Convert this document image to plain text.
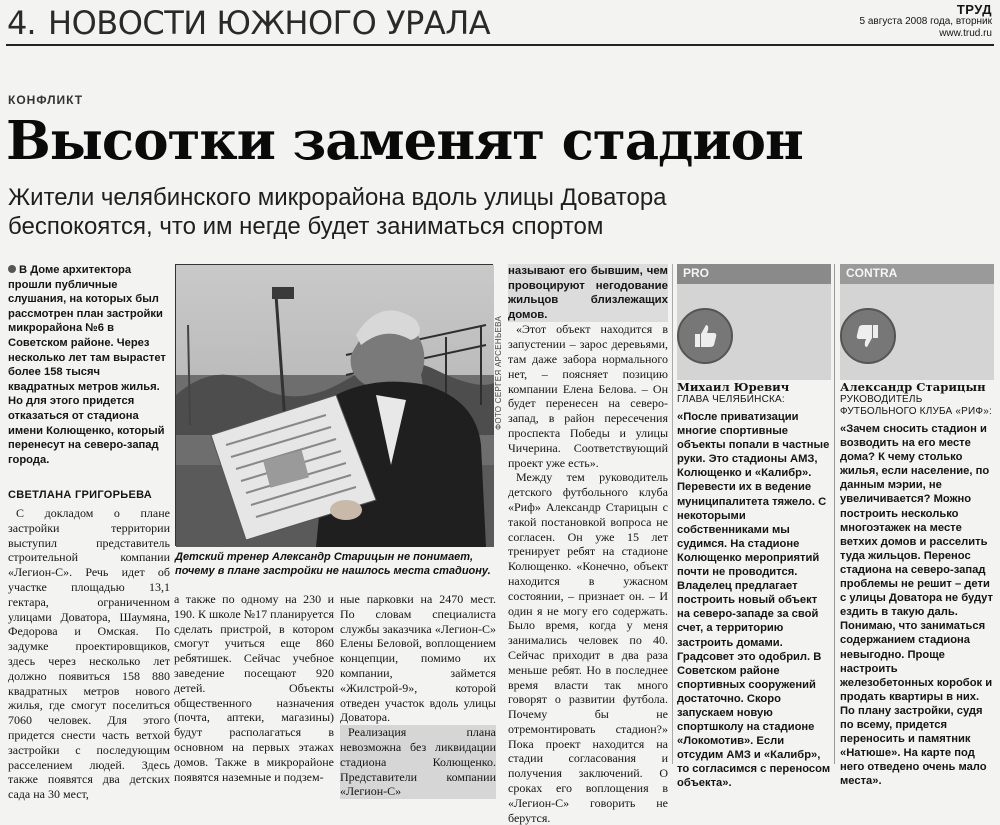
4. НОВОСТИ ЮЖНОГО УРАЛА	ТРУД
5 августа 2008 года, вторник
www.trud.ru
КОНФЛИКТ
Высотки заменят стадион
Жители челябинского микрорайона вдоль улицы Доватора беспокоятся, что им негде будет заниматься спортом
В Доме архитектора прошли публичные слушания, на которых был рассмотрен план застройки микрорайона №6 в Советском районе. Через несколько лет там вырастет более 158 тысяч квадратных метров жилья. Но для этого придется отказаться от стадиона имени Колющенко, который перенесут на северо-запад города.
СВЕТЛАНА ГРИГОРЬЕВА

С докладом о плане застройки территории выступил представитель строительной компании «Легион-С». Речь идет об участке площадью 13,1 гектара, ограниченном улицами Доватора, Шаумяна, Федорова и Омская. По задумке проектировщиков, здесь через несколько лет должно появиться 158 880 квадратных метров нового жилья, где смогут поселиться 7060 человек. Для этого придется снести часть ветхой застройки с последующим расселением людей. Здесь также появятся два детских сада на 30 мест,

ФОТО СЕРГЕЯ АРСЕНЬЕВА
Детский тренер Александр Старицын не понимает, почему в плане застройки не нашлось места стадиону.

а также по одному на 230 и 190. К школе №17 планируется сделать пристрой, в котором смогут учиться еще 860 ребятишек. Сейчас учебное заведение посещают 920 детей. Объекты общественного назначения (почта, аптеки, магазины) будут располагаться в основном на первых этажах домов. Также в микрорайоне появятся наземные и подзем-

ные парковки на 2470 мест. По словам специалиста службы заказчика «Легион-С» Елены Беловой, воплощением концепции, помимо их компании, займется «Жилстрой-9», которой отведен участок вдоль улицы Доватора.

Реализация плана невозможна без ликвидации стадиона Колющенко. Представители компании «Легион-С»

называют его бывшим, чем провоцируют негодование жильцов близлежащих домов.

«Этот объект находится в запустении – зарос деревьями, там даже забора нормального нет, – поясняет позицию компании Елена Белова. – Он будет перенесен на северо-запад, в район пересечения проспекта Победы и улицы Чичерина. Соответствующий проект уже есть».

Между тем руководитель детского футбольного клуба «Риф» Александр Старицын с такой постановкой вопроса не согласен. Он уже 15 лет тренирует ребят на стадионе Колющенко. «Конечно, объект находится в ужасном состоянии, – признает он. – И один я не могу его содержать. Было время, когда у меня занимались человек по 40. Сейчас приходит в два раза меньше ребят. Но в последнее время власти так много говорят о развитии футбола. Почему бы не отремонтировать стадион?» Пока проект находится на стадии согласования и получения заключений. О сроках его воплощения в «Легион-С» говорить не берутся.

PRO
Михаил Юревич
ГЛАВА ЧЕЛЯБИНСКА:
«После приватизации многие спортивные объекты попали в частные руки. Это стадионы АМЗ, Колющенко и «Калибр». Перевести их в ведение муниципалитета тяжело. С некоторыми собственниками мы судимся. На стадионе Колющенко мероприятий почти не проводится. Владелец предлагает построить новый объект на северо-западе за свой счет, а территорию застроить домами. Градсовет это одобрил. В Советском районе спортивных сооружений достаточно. Скоро запускаем новую спортшколу на стадионе «Локомотив». Если отсудим АМЗ и «Калибр», то согласимся с переносом объекта».
CONTRA
Александр Старицын
РУКОВОДИТЕЛЬ ФУТБОЛЬНОГО КЛУБА «РИФ»:
«Зачем сносить стадион и возводить на его месте дома? К чему столько жилья, если население, по данным мэрии, не увеличивается? Можно построить несколько многоэтажек на месте ветхих домов и расселить туда жильцов. Перенос стадиона на северо-запад проблемы не решит – дети с улицы Доватора не будут ездить в такую даль. Понимаю, что заниматься содержанием стадиона невыгодно. Проще настроить железобетонных коробок и продать квартиры в них. По плану застройки, судя по всему, придется переносить и памятник «Натюше». На карте под него отведено очень мало места».
